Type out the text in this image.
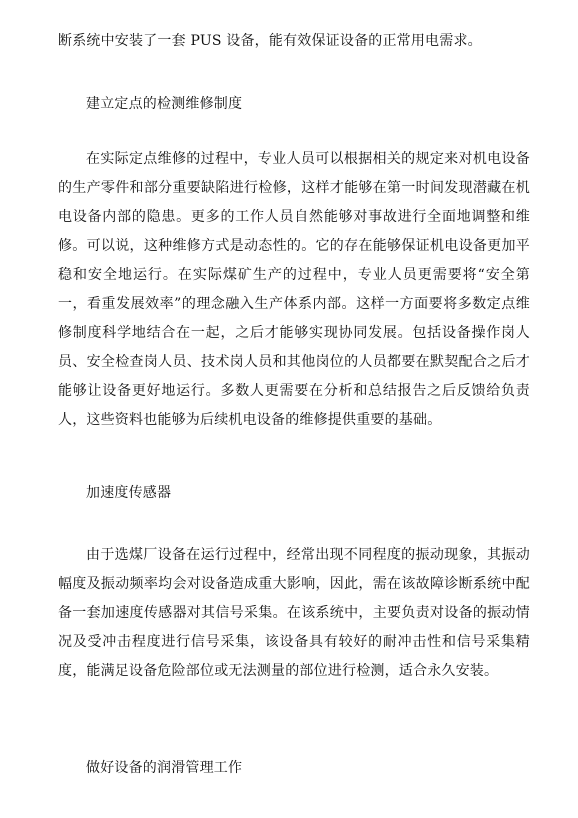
断系统中安装了一套 PUS 设备，能有效保证设备的正常用电需求。

建立定点的检测维修制度

在实际定点维修的过程中，专业人员可以根据相关的规定来对机电设备的生产零件和部分重要缺陷进行检修，这样才能够在第一时间发现潜藏在机电设备内部的隐患。更多的工作人员自然能够对事故进行全面地调整和维修。可以说，这种维修方式是动态性的。它的存在能够保证机电设备更加平稳和安全地运行。在实际煤矿生产的过程中，专业人员更需要将“安全第一，看重发展效率”的理念融入生产体系内部。这样一方面要将多数定点维修制度科学地结合在一起，之后才能够实现协同发展。包括设备操作岗人员、安全检查岗人员、技术岗人员和其他岗位的人员都要在默契配合之后才能够让设备更好地运行。多数人更需要在分析和总结报告之后反馈给负责人，这些资料也能够为后续机电设备的维修提供重要的基础。

加速度传感器

由于选煤厂设备在运行过程中，经常出现不同程度的振动现象，其振动幅度及振动频率均会对设备造成重大影响，因此，需在该故障诊断系统中配备一套加速度传感器对其信号采集。在该系统中，主要负责对设备的振动情况及受冲击程度进行信号采集，该设备具有较好的耐冲击性和信号采集精度，能满足设备危险部位或无法测量的部位进行检测，适合永久安装。

做好设备的润滑管理工作
